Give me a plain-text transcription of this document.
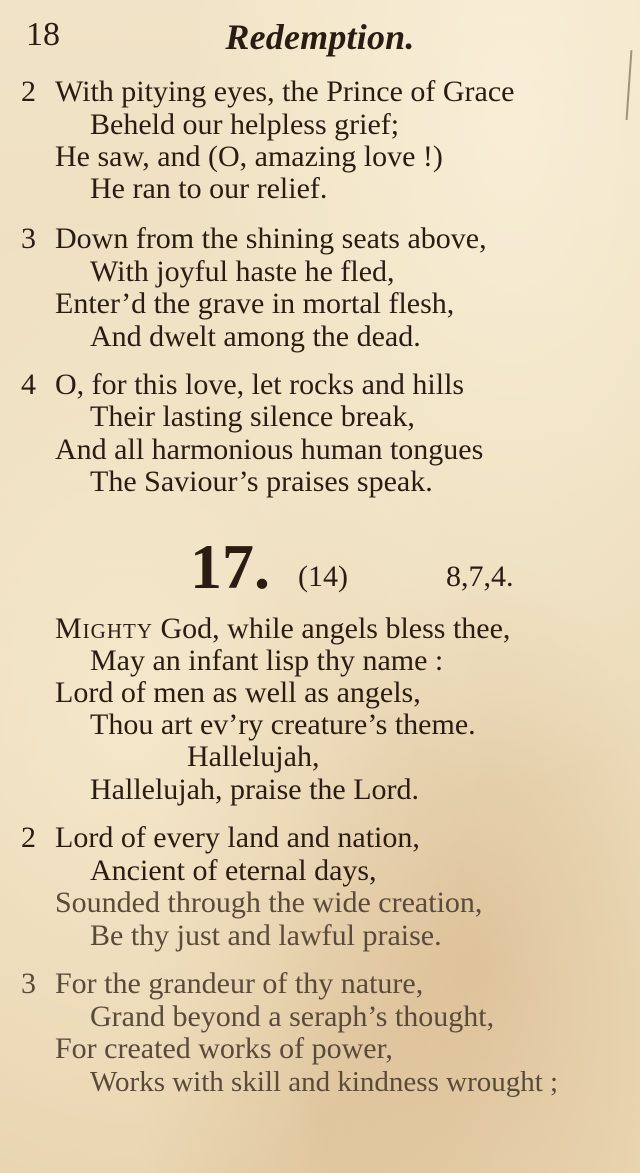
18	Redemption.
2 With pitying eyes, the Prince of Grace
Beheld our helpless grief;
He saw, and (O, amazing love !)
He ran to our relief.
3 Down from the shining seats above,
With joyful haste he fled,
Enter’d the grave in mortal flesh,
And dwelt among the dead.
4 O, for this love, let rocks and hills
Their lasting silence break,
And all harmonious human tongues
The Saviour’s praises speak.
17. (14)	8,7,4.
Mighty God, while angels bless thee,
May an infant lisp thy name :
Lord of men as well as angels,
Thou art ev’ry creature’s theme.
Hallelujah,
Hallelujah, praise the Lord.
2 Lord of every land and nation,
Ancient of eternal days,
Sounded through the wide creation,
Be thy just and lawful praise.
3 For the grandeur of thy nature,
Grand beyond a seraph’s thought,
For created works of power,
Works with skill and kindness wrought ;
